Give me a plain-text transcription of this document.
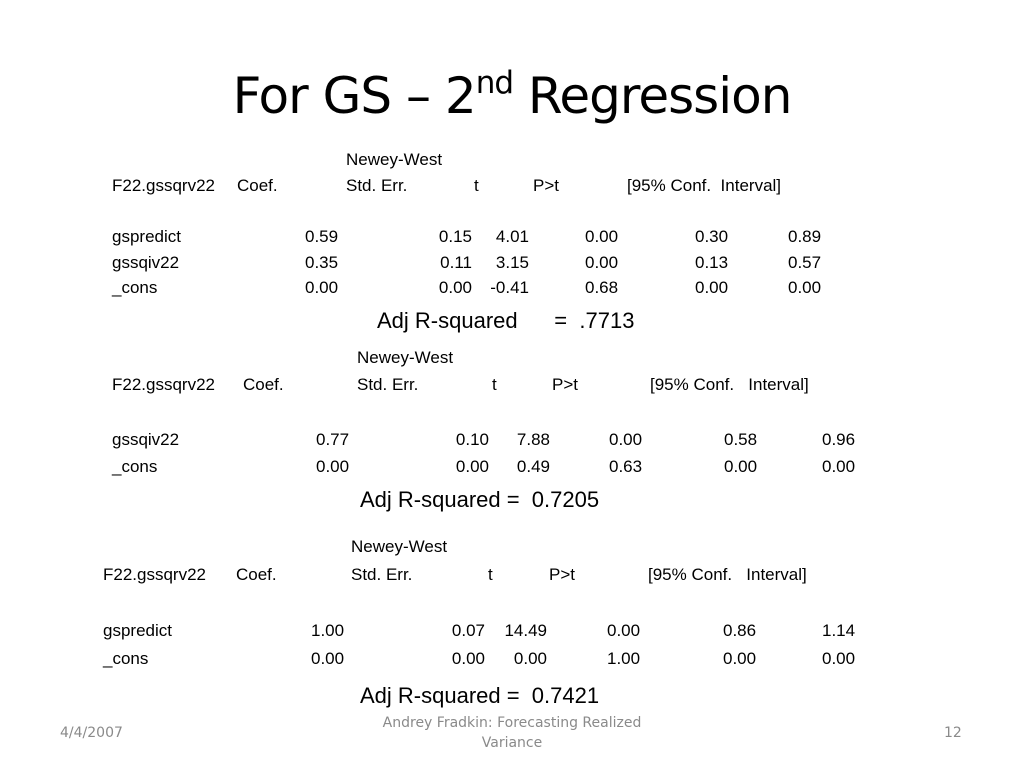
For GS – 2nd Regression
Newey-West
F22.gssqrv22 Coef.	Std. Err.	t	P>t	[95% Conf.  Interval]
gspredict	0.59	0.15	4.01	0.00	0.30	0.89
gssqiv22	0.35	0.11	3.15	0.00	0.13	0.57
_cons	0.00	0.00	-0.41	0.68	0.00	0.00
Adj R-squared      =  .7713
Newey-West
F22.gssqrv22 Coef.	Std. Err.	t	P>t	[95% Conf.   Interval]
gssqiv22	0.77	0.10	7.88	0.00	0.58	0.96
_cons	0.00	0.00	0.49	0.63	0.00	0.00
Adj R-squared =  0.7205
Newey-West
F22.gssqrv22 Coef.	Std. Err.	t	P>t	[95% Conf.   Interval]
gspredict	1.00	0.07	14.49	0.00	0.86	1.14
_cons	0.00	0.00	0.00	1.00	0.00	0.00
Adj R-squared =  0.7421
4/4/2007
Andrey Fradkin: Forecasting Realized
Variance
12
